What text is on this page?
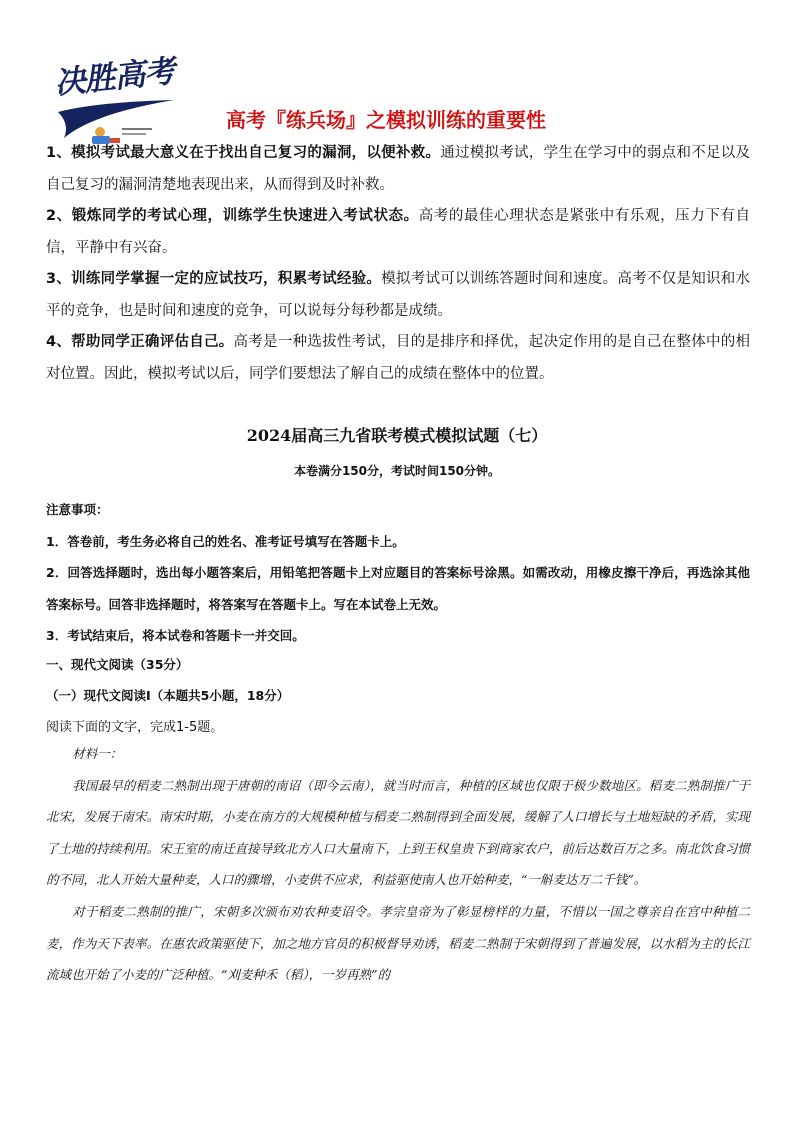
决胜高考
高考『练兵场』之模拟训练的重要性

1、模拟考试最大意义在于找出自己复习的漏洞，以便补救。通过模拟考试，学生在学习中的弱点和不足以及自己复习的漏洞清楚地表现出来，从而得到及时补救。

2、锻炼同学的考试心理，训练学生快速进入考试状态。高考的最佳心理状态是紧张中有乐观，压力下有自信，平静中有兴奋。

3、训练同学掌握一定的应试技巧，积累考试经验。模拟考试可以训练答题时间和速度。高考不仅是知识和水平的竞争，也是时间和速度的竞争，可以说每分每秒都是成绩。

4、帮助同学正确评估自己。高考是一种选拔性考试，目的是排序和择优，起决定作用的是自己在整体中的相对位置。因此，模拟考试以后，同学们要想法了解自己的成绩在整体中的位置。

2024届高三九省联考模式模拟试题（七）
本卷满分150分，考试时间150分钟。

注意事项：

1．答卷前，考生务必将自己的姓名、准考证号填写在答题卡上。

2．回答选择题时，选出每小题答案后，用铅笔把答题卡上对应题目的答案标号涂黑。如需改动，用橡皮擦干净后，再选涂其他答案标号。回答非选择题时，将答案写在答题卡上。写在本试卷上无效。

3．考试结束后，将本试卷和答题卡一并交回。

一、现代文阅读（35分）
（一）现代文阅读Ⅰ（本题共5小题，18分）
阅读下面的文字，完成1-5题。

材料一：

我国最早的稻麦二熟制出现于唐朝的南诏（即今云南），就当时而言，种植的区域也仅限于极少数地区。稻麦二熟制推广于北宋，发展于南宋。南宋时期，小麦在南方的大规模种植与稻麦二熟制得到全面发展，缓解了人口增长与土地短缺的矛盾，实现了土地的持续利用。宋王室的南迁直接导致北方人口大量南下，上到王权皇贵下到商家农户，前后达数百万之多。南北饮食习惯的不同，北人开始大量种麦，人口的骤增，小麦供不应求，利益驱使南人也开始种麦，“一斛麦达万二千钱”。

对于稻麦二熟制的推广，宋朝多次颁布劝农种麦诏令。孝宗皇帝为了彰显榜样的力量，不惜以一国之尊亲自在宫中种植二麦，作为天下表率。在惠农政策驱使下，加之地方官员的积极督导劝诱，稻麦二熟制于宋朝得到了普遍发展，以水稻为主的长江流域也开始了小麦的广泛种植。“刈麦种禾（稻），一岁再熟”的
